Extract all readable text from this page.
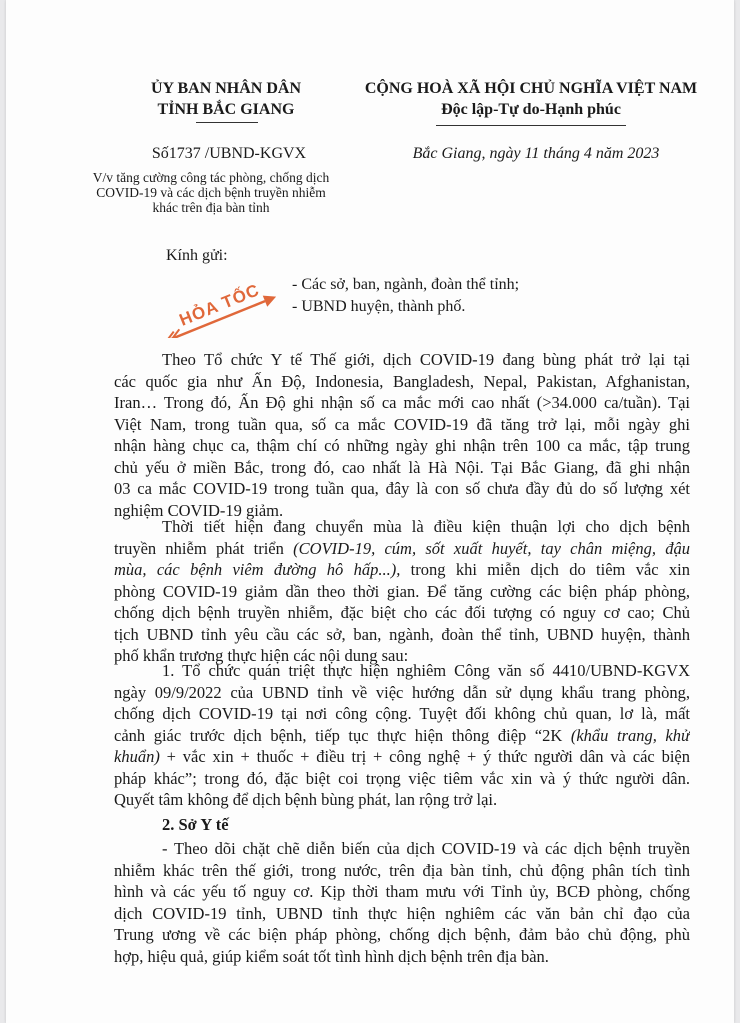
ỦY BAN NHÂN DÂN
TỈNH BẮC GIANG
CỘNG HOÀ XÃ HỘI CHỦ NGHĨA VIỆT NAM
Độc lập-Tự do-Hạnh phúc
Số1737 /UBND-KGVX	Bắc Giang, ngày 11 tháng 4 năm 2023
V/v tăng cường công tác phòng, chống dịch
COVID-19 và các dịch bệnh truyền nhiễm
khác trên địa bàn tỉnh
Kính gửi:
HỎA TỐC - Các sở, ban, ngành, đoàn thể tỉnh;
- UBND huyện, thành phố.
Theo Tổ chức Y tế Thế giới, dịch COVID-19 đang bùng phát trở lại tại
các quốc gia như Ấn Độ, Indonesia, Bangladesh, Nepal, Pakistan, Afghanistan,
Iran… Trong đó, Ấn Độ ghi nhận số ca mắc mới cao nhất (>34.000 ca/tuần). Tại
Việt Nam, trong tuần qua, số ca mắc COVID-19 đã tăng trở lại, mỗi ngày ghi
nhận hàng chục ca, thậm chí có những ngày ghi nhận trên 100 ca mắc, tập trung
chủ yếu ở miền Bắc, trong đó, cao nhất là Hà Nội. Tại Bắc Giang, đã ghi nhận
03 ca mắc COVID-19 trong tuần qua, đây là con số chưa đầy đủ do số lượng xét
nghiệm COVID-19 giảm.
Thời tiết hiện đang chuyển mùa là điều kiện thuận lợi cho dịch bệnh
truyền nhiễm phát triển (COVID-19, cúm, sốt xuất huyết, tay chân miệng, đậu
mùa, các bệnh viêm đường hô hấp...), trong khi miễn dịch do tiêm vắc xin
phòng COVID-19 giảm dần theo thời gian. Để tăng cường các biện pháp phòng,
chống dịch bệnh truyền nhiễm, đặc biệt cho các đối tượng có nguy cơ cao; Chủ
tịch UBND tỉnh yêu cầu các sở, ban, ngành, đoàn thể tỉnh, UBND huyện, thành
phố khẩn trương thực hiện các nội dung sau:
1. Tổ chức quán triệt thực hiện nghiêm Công văn số 4410/UBND-KGVX
ngày 09/9/2022 của UBND tỉnh về việc hướng dẫn sử dụng khẩu trang phòng,
chống dịch COVID-19 tại nơi công cộng. Tuyệt đối không chủ quan, lơ là, mất
cảnh giác trước dịch bệnh, tiếp tục thực hiện thông điệp “2K (khẩu trang, khử
khuẩn) + vắc xin + thuốc + điều trị + công nghệ + ý thức người dân và các biện
pháp khác”; trong đó, đặc biệt coi trọng việc tiêm vắc xin và ý thức người dân.
Quyết tâm không để dịch bệnh bùng phát, lan rộng trở lại.
2. Sở Y tế
- Theo dõi chặt chẽ diễn biến của dịch COVID-19 và các dịch bệnh truyền
nhiễm khác trên thế giới, trong nước, trên địa bàn tỉnh, chủ động phân tích tình
hình và các yếu tố nguy cơ. Kịp thời tham mưu với Tỉnh ủy, BCĐ phòng, chống
dịch COVID-19 tỉnh, UBND tỉnh thực hiện nghiêm các văn bản chỉ đạo của
Trung ương về các biện pháp phòng, chống dịch bệnh, đảm bảo chủ động, phù
hợp, hiệu quả, giúp kiểm soát tốt tình hình dịch bệnh trên địa bàn.
